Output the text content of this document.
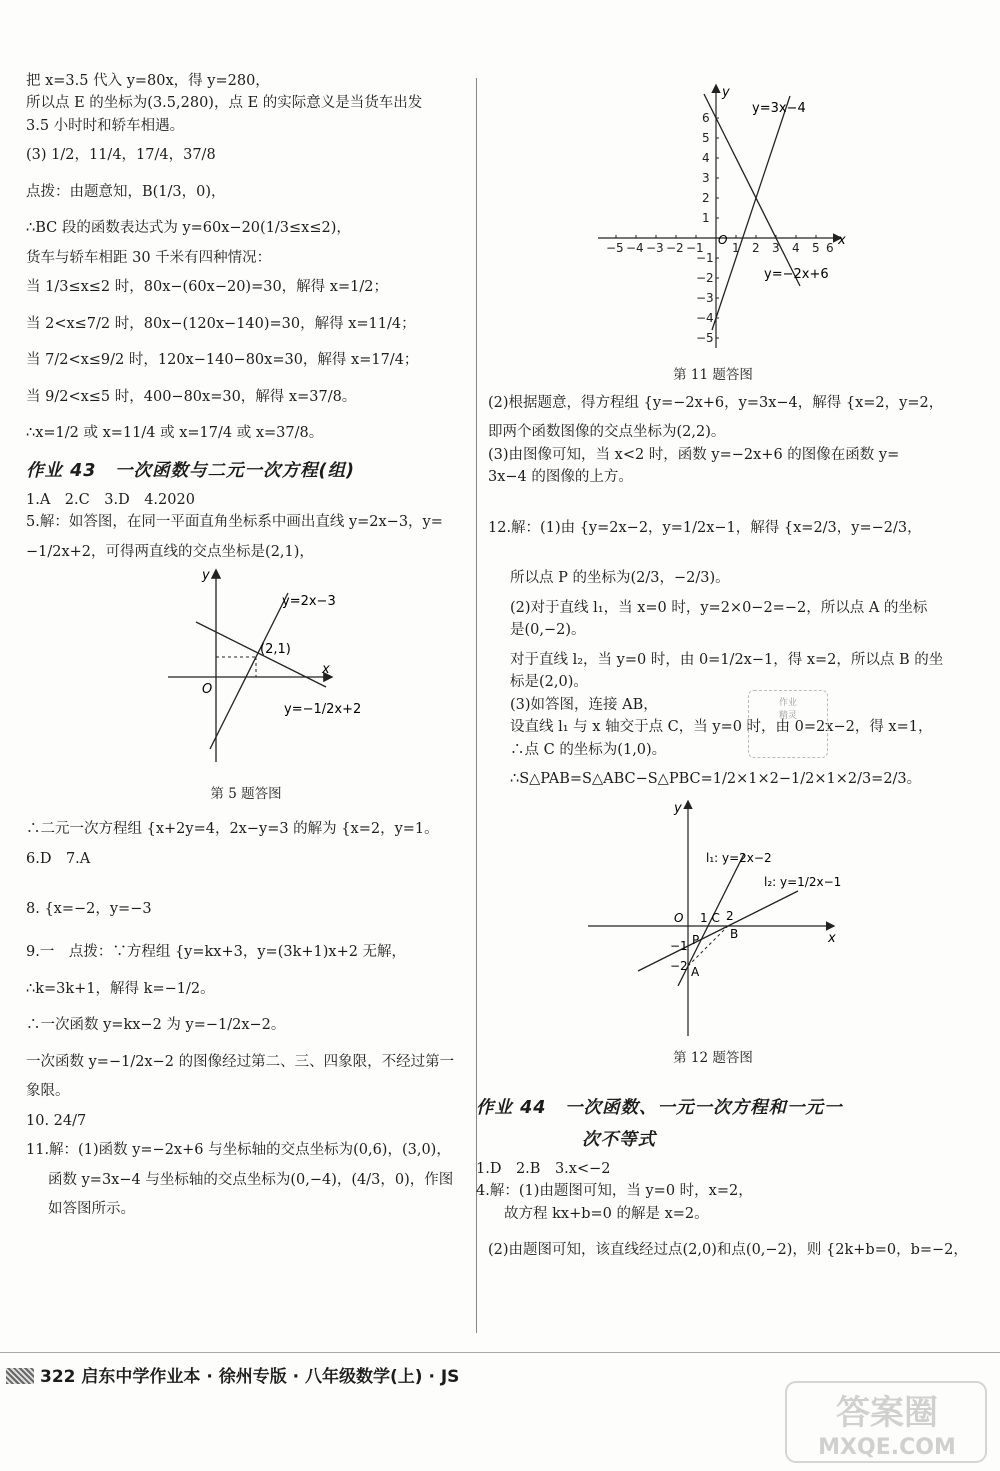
把 x=3.5 代入 y=80x，得 y=280，

所以点 E 的坐标为(3.5,280)，点 E 的实际意义是当货车出发

3.5 小时时和轿车相遇。

(3) 1/2，11/4，17/4，37/8

点拨：由题意知，B(1/3，0)，

∴BC 段的函数表达式为 y=60x−20(1/3≤x≤2)，

货车与轿车相距 30 千米有四种情况：

当 1/3≤x≤2 时，80x−(60x−20)=30，解得 x=1/2；

当 2<x≤7/2 时，80x−(120x−140)=30，解得 x=11/4；

当 7/2<x≤9/2 时，120x−140−80x=30，解得 x=17/4；

当 9/2<x≤5 时，400−80x=30，解得 x=37/8。

∴x=1/2 或 x=11/4 或 x=17/4 或 x=37/8。

作业 43　一次函数与二元一次方程(组)

1.A　2.C　3.D　4.2020

5.解：如答图，在同一平面直角坐标系中画出直线 y=2x−3，y=

−1/2x+2，可得两直线的交点坐标是(2,1)，

y
x
O
(2,1)
y=2x−3
y=−1/2x+2

第 5 题答图

∴二元一次方程组 {x+2y=4，2x−y=3 的解为 {x=2，y=1。

6.D　7.A

8. {x=−2，y=−3

9.一　点拨：∵方程组 {y=kx+3，y=(3k+1)x+2 无解，

∴k=3k+1，解得 k=−1/2。

∴一次函数 y=kx−2 为 y=−1/2x−2。

一次函数 y=−1/2x−2 的图像经过第二、三、四象限，不经过第一

象限。

10. 24/7

11.解：(1)函数 y=−2x+6 与坐标轴的交点坐标为(0,6)，(3,0)，

函数 y=3x−4 与坐标轴的交点坐标为(0,−4)，(4/3，0)，作图

如答图所示。

−5 −4 −3 −2 −1 1 2 3 4 5 6
6
5
4
3
2
1
−1
−2
−3
−4
−5
y
x
O
y=3x−4
y=−2x+6

第 11 题答图

(2)根据题意，得方程组 {y=−2x+6，y=3x−4，解得 {x=2，y=2，

即两个函数图像的交点坐标为(2,2)。

(3)由图像可知，当 x<2 时，函数 y=−2x+6 的图像在函数 y=

3x−4 的图像的上方。

12.解：(1)由 {y=2x−2，y=1/2x−1，解得 {x=2/3，y=−2/3，

所以点 P 的坐标为(2/3，−2/3)。

(2)对于直线 l₁，当 x=0 时，y=2×0−2=−2，所以点 A 的坐标

是(0,−2)。

对于直线 l₂，当 y=0 时，由 0=1/2x−1，得 x=2，所以点 B 的坐

标是(2,0)。

(3)如答图，连接 AB，

设直线 l₁ 与 x 轴交于点 C，当 y=0 时，由 0=2x−2，得 x=1，

∴点 C 的坐标为(1,0)。

∴S△PAB=S△ABC−S△PBC=1/2×1×2−1/2×1×2/3=2/3。

y
x
O
l₁: y=2x−2
l₂: y=1/2x−1
1 C 2
B
P
A
−1
−2

第 12 题答图

作业 44　一次函数、一元一次方程和一元一

次不等式

1.D　2.B　3.x<−2

4.解：(1)由题图可知，当 y=0 时，x=2，

故方程 kx+b=0 的解是 x=2。

(2)由题图可知，该直线经过点(2,0)和点(0,−2)，则 {2k+b=0，b=−2，

作业
精灵
322 启东中学作业本 · 徐州专版 · 八年级数学(上) · JS
答案圈
MXQE.COM
